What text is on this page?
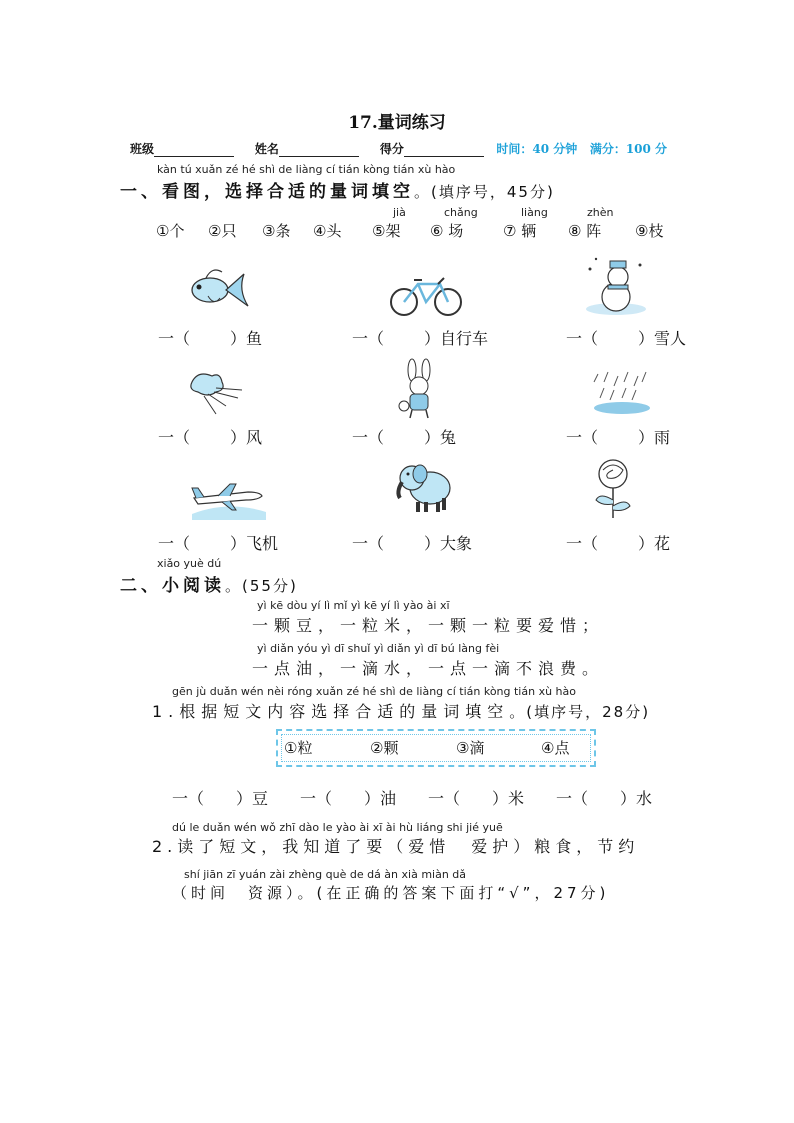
17.量词练习
班级	姓名	得分	时间：40 分钟 满分：100 分
kàn tú xuǎn zé hé shì de liàng cí tián kòng tián xù hào
一、看图，选择合适的量词填空。(填序号，45分)
jià	chǎng	liàng	zhèn
①个 ②只 ③条 ④头 ⑤架 ⑥ 场	⑦ 辆 ⑧ 阵 ⑨枝
一（	）鱼	一（	）自行车	一（	）雪人
一（	）风	一（	）兔	一（	）雨
一（	）飞机	一（	）大象	一（	）花
xiǎo yuè dú
二、小阅读。(55分)
yì kē dòu yí lì mǐ yì kē yí lì yào ài xī
一颗豆，一粒米，一颗一粒要爱惜；
yì diǎn yóu yì dī shuǐ yì diǎn yì dī bú làng fèi
一点油，一滴水，一点一滴不浪费。
gēn jù duǎn wén nèi róng xuǎn zé hé shì de liàng cí tián kòng tián xù hào
1.根据短文内容选择合适的量词填空。(填序号，28分)
①粒	②颗	③滴	④点
一（　　）豆 一（　　）油 一（　　）米 一（　　）水
dú le duǎn wén wǒ zhī dào le yào ài xī ài hù liáng shi jié yuē
2.读了短文，我知道了要（爱惜　爱护）粮食，节约
shí jiān zī yuán zài zhèng què de dá àn xià miàn dǎ
（时间　资源）。(在正确的答案下面打“√”，27分)
